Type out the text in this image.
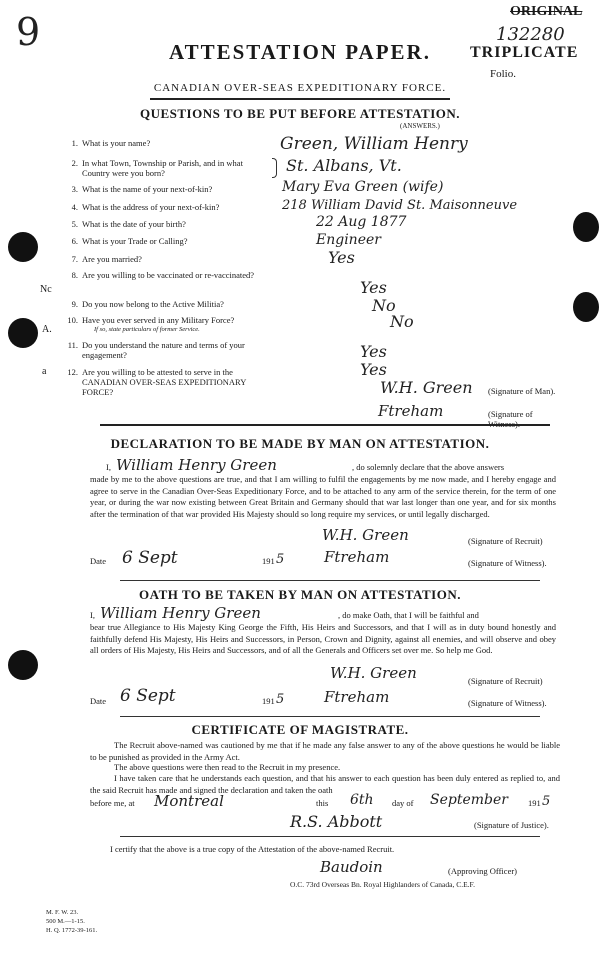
9	ORIGINAL
132280
TRIPLICATE
Folio.
Nc
A.
a
ATTESTATION PAPER.
CANADIAN OVER-SEAS EXPEDITIONARY FORCE.
QUESTIONS TO BE PUT BEFORE ATTESTATION.
(ANSWERS.)
1. What is your name?	Green, William Henry
2. In what Town, Township or Parish, and in what Country were you born?	St. Albans, Vt.
3. What is the name of your next-of-kin?	Mary Eva Green (wife)
4. What is the address of your next-of-kin?	218 William David St. Maisonneuve
5. What is the date of your birth?	22 Aug 1877
6. What is your Trade or Calling?	Engineer
7. Are you married?	Yes
8. Are you willing to be vaccinated or re-vaccinated?
Yes
9. Do you now belong to the Active Militia?	No
10. Have you ever served in any Military Force?
If so, state particulars of former Service.	No
11. Do you understand the nature and terms of your engagement?	Yes
12. Are you willing to be attested to serve in the CANADIAN OVER-SEAS EXPEDITIONARY FORCE?
Yes
W.H. Green (Signature of Man).
Ftreham	(Signature of
DECLARATION TO BE MADE BY MAN ON ATTESTATION.
I, William Henry Green	, do solemnly declare that the above answers
made by me to the above questions are true, and that I am willing to fulfil the engagements by me now made, and I hereby engage and agree to serve in the Canadian Over-Seas Expeditionary Force, and to be attached to any arm of the service therein, for the term of one year, or during the war now existing between Great Britain and Germany should that war last longer than one year, and for six months after the termination of that war provided His Majesty should so long require my services, or until legally discharged.
W.H. Green	(Signature of Recruit)
Date 6 Sept	191 5	Ftreham	(Signature of Witness).
OATH TO BE TAKEN BY MAN ON ATTESTATION.
I, William Henry Green	, do make Oath, that I will be faithful and
bear true Allegiance to His Majesty King George the Fifth, His Heirs and Successors, and that I will as in duty bound honestly and faithfully defend His Majesty, His Heirs and Successors, in Person, Crown and Dignity, against all enemies, and will observe and obey all orders of His Majesty, His Heirs and Successors, and of all the Generals and Officers set over me. So help me God.
W.H. Green	(Signature of Recruit)
Date 6 Sept	191 5	Ftreham	(Signature of Witness).
CERTIFICATE OF MAGISTRATE.
The Recruit above-named was cautioned by me that if he made any false answer to any of the above questions he would be liable to be punished as provided in the Army Act.
The above questions were then read to the Recruit in my presence.
I have taken care that he understands each question, and that his answer to each question has been duly entered as replied to, and the said Recruit has made and signed the declaration and taken the oath
before me, at Montreal	this 6th day of September 191 5
R.S. Abbott	(Signature of Justice).
I certify that the above is a true copy of the Attestation of the above-named Recruit.
Baudoin	(Approving Officer)
O.C. 73rd Overseas Bn. Royal Highlanders of Canada, C.E.F.
M. F. W. 23.
500 M.—1-15.
H. Q. 1772-39-161.
